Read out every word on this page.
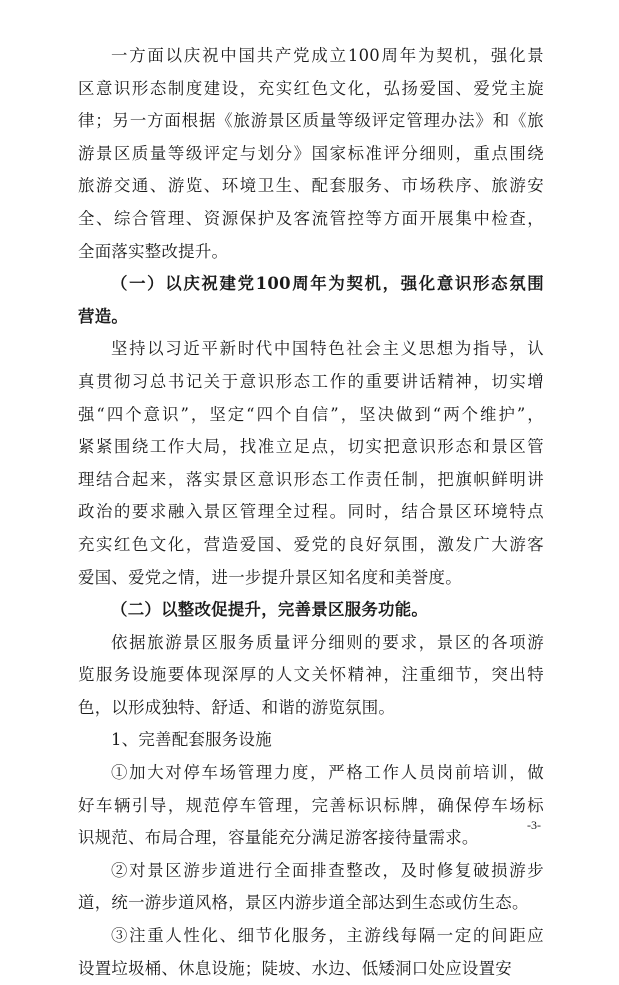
一方面以庆祝中国共产党成立100周年为契机，强化景
区意识形态制度建设，充实红色文化，弘扬爱国、爱党主旋
律；另一方面根据《旅游景区质量等级评定管理办法》和《旅
游景区质量等级评定与划分》国家标准评分细则，重点围绕
旅游交通、游览、环境卫生、配套服务、市场秩序、旅游安
全、综合管理、资源保护及客流管控等方面开展集中检查，
全面落实整改提升。
（一）以庆祝建党100周年为契机，强化意识形态氛围
营造。
坚持以习近平新时代中国特色社会主义思想为指导，认
真贯彻习总书记关于意识形态工作的重要讲话精神，切实增
强“四个意识”，坚定“四个自信”，坚决做到“两个维护”，
紧紧围绕工作大局，找准立足点，切实把意识形态和景区管
理结合起来，落实景区意识形态工作责任制，把旗帜鲜明讲
政治的要求融入景区管理全过程。同时，结合景区环境特点
充实红色文化，营造爱国、爱党的良好氛围，激发广大游客
爱国、爱党之情，进一步提升景区知名度和美誉度。
（二）以整改促提升，完善景区服务功能。
依据旅游景区服务质量评分细则的要求，景区的各项游
览服务设施要体现深厚的人文关怀精神，注重细节，突出特
色，以形成独特、舒适、和谐的游览氛围。
1、完善配套服务设施
①加大对停车场管理力度，严格工作人员岗前培训，做
好车辆引导，规范停车管理，完善标识标牌，确保停车场标
识规范、布局合理，容量能充分满足游客接待量需求。
②对景区游步道进行全面排查整改，及时修复破损游步
道，统一游步道风格，景区内游步道全部达到生态或仿生态。
③注重人性化、细节化服务，主游线每隔一定的间距应
设置垃圾桶、休息设施；陡坡、水边、低矮洞口处应设置安
-3-
